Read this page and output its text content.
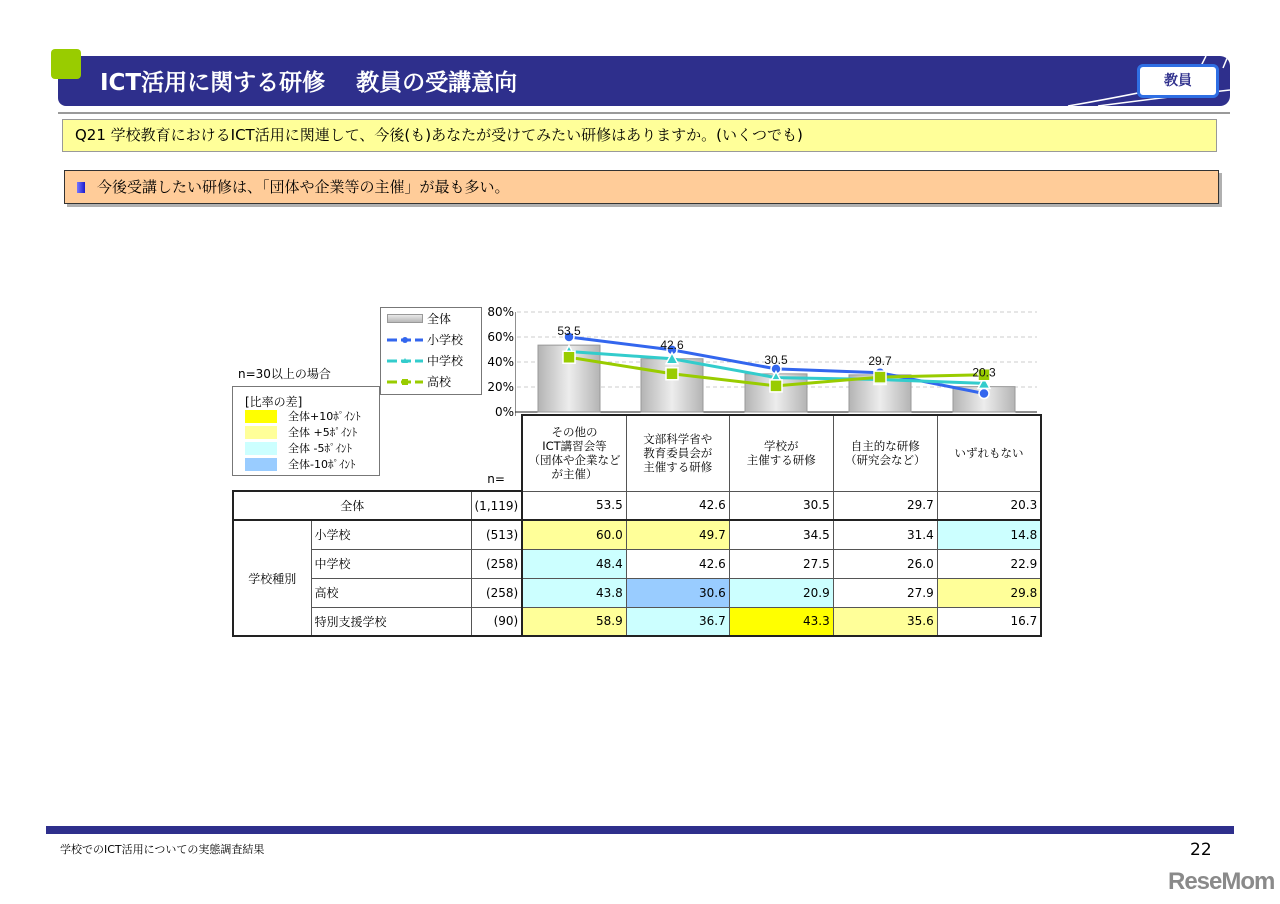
ICT活用に関する研修　 教員の受講意向	教員
Q21 学校教育におけるICT活用に関連して、今後(も)あなたが受けてみたい研修はありますか。(いくつでも)
今後受講したい研修は、「団体や企業等の主催」が最も多い。
全体
小学校
中学校
高校
n=30以上の場合
[比率の差]
全体+10ﾎﾟｲﾝﾄ
全体 +5ﾎﾟｲﾝﾄ
全体 -5ﾎﾟｲﾝﾄ
全体-10ﾎﾟｲﾝﾄ
80%
60%
40%
20%
0%
53.5
42.6
30.5	29.7
20.3
		n=	その他の
ICT講習会等
（団体や企業など
が主催）	文部科学省や
教育委員会が
主催する研修	学校が
主催する研修	自主的な研修
（研究会など）	いずれもない
全体		(1,119)	53.5	42.6	30.5	29.7	20.3
学校種別	小学校	(513)	60.0	49.7	34.5	31.4	14.8
	中学校	(258)	48.4	42.6	27.5	26.0	22.9
	高校	(258)	43.8	30.6	20.9	27.9	29.8
	特別支援学校	(90)	58.9	36.7	43.3	35.6	16.7
学校でのICT活用についての実態調査結果	22
ReseMom
